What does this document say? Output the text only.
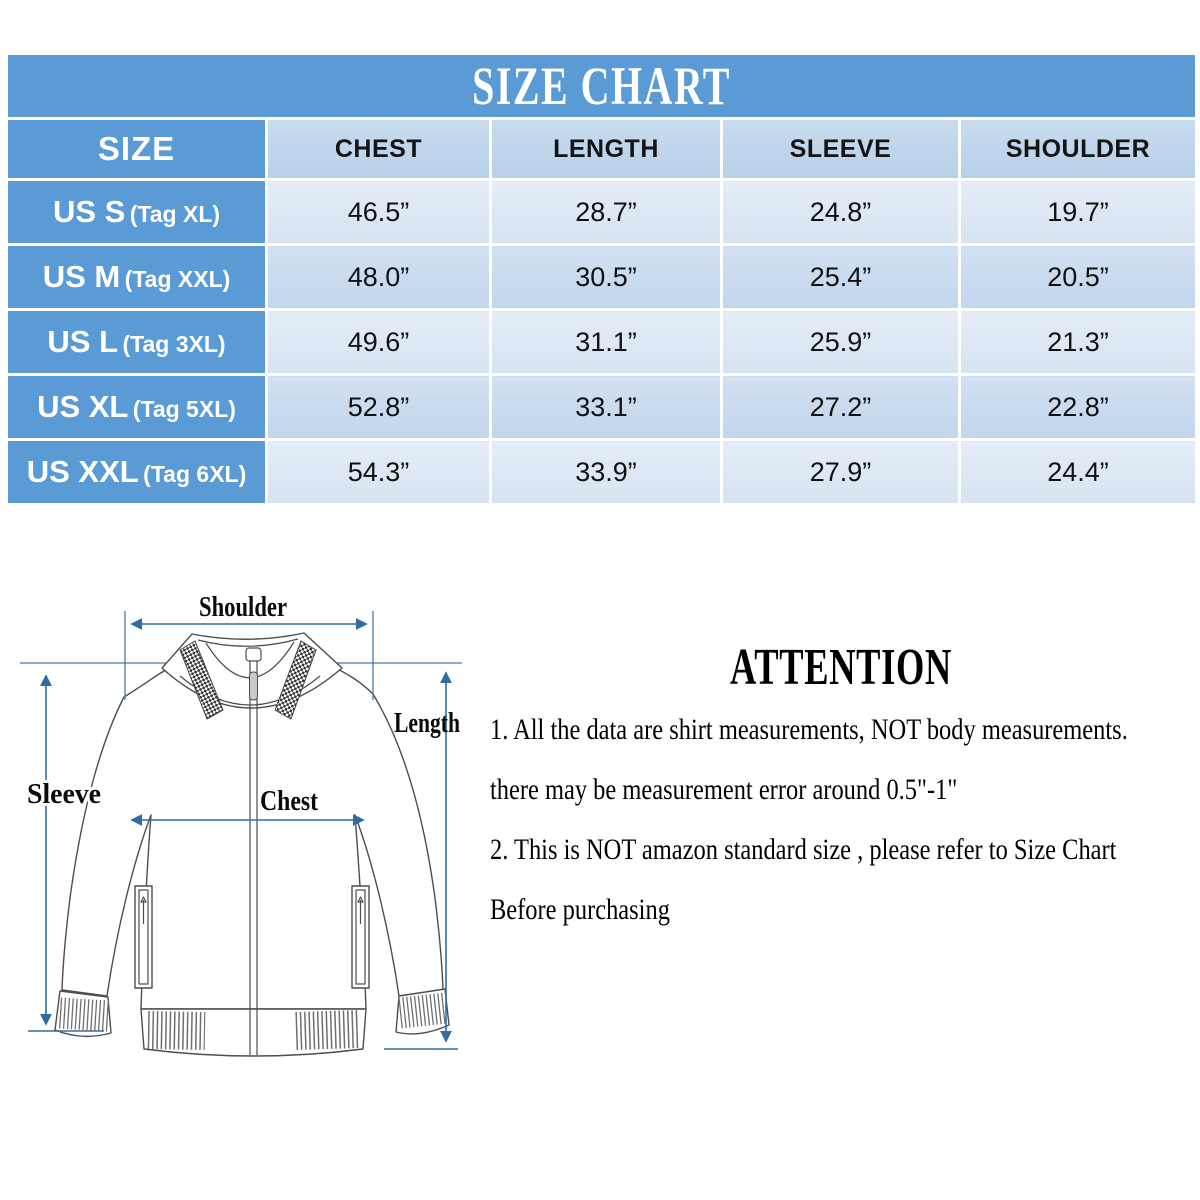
SIZE CHART				

SIZE	CHEST	LENGTH	SLEEVE	SHOULDER
US S (Tag XL)	46.5”	28.7”	24.8”	19.7”
US M (Tag XXL)	48.0”	30.5”	25.4”	20.5”
US L (Tag 3XL)	49.6”	31.1”	25.9”	21.3”
US XL (Tag 5XL)	52.8”	33.1”	27.2”	22.8”
US XXL (Tag 6XL)	54.3”	33.9”	27.9”	24.4”
Shoulder
Length
Sleeve	Chest
ATTENTION

1. All the data are shirt measurements, NOT body measurements.

there may be measurement error around 0.5"-1"

2. This is NOT amazon standard size , please refer to Size Chart

Before purchasing
